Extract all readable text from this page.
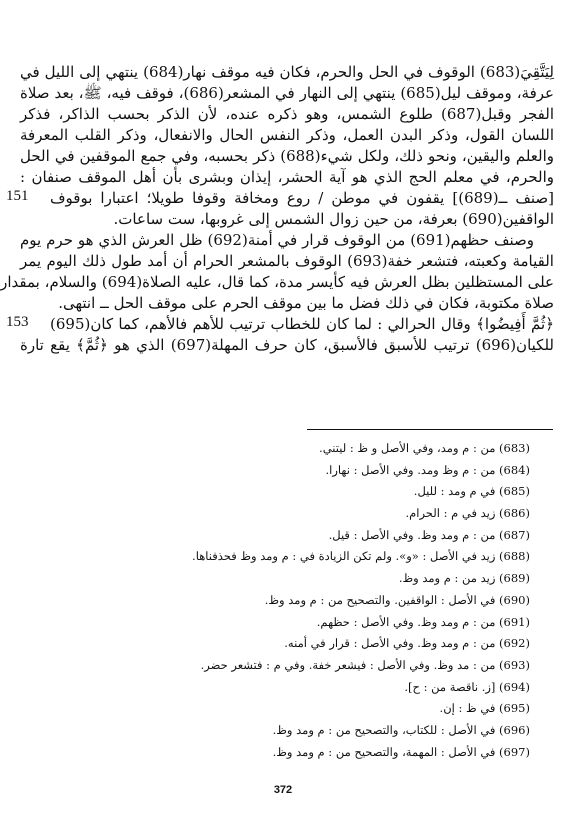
لِيَتَّقِيَ(683) الوقوف في الحل والحرم، فكان فيه موقف نهار(684) ينتهي إلى الليل في
عرفة، وموقف ليل(685) ينتهي إلى النهار في المشعر(686)، فوقف فيه، ﷺ، بعد صلاة
الفجر وقبل(687) طلوع الشمس، وهو ذكره عنده، لأن الذكر بحسب الذاكر، فذكر
اللسان القول، وذكر البدن العمل، وذكر النفس الحال والانفعال، وذكر القلب المعرفة
والعلم واليقين، ونحو ذلك، ولكل شيء(688) ذكر بحسبه، وفي جمع الموقفين في الحل
والحرم، في معلم الحج الذي هو آية الحشر، إيذان وبشرى بأن أهل الموقف صنفان :
151 [صنف ــ(689)] يقفون في موطن / روع ومخافة وقوفا طويلا؛ اعتبارا بوقوف
الواقفين(690) بعرفة، من حين زوال الشمس إلى غروبها، ست ساعات.
وصنف حظهم(691) من الوقوف قرار في أمنة(692) ظل العرش الذي هو حرم يوم
القيامة وكعبته، فتشعر خفة(693) الوقوف بالمشعر الحرام أن أمد طول ذلك اليوم يمر
على المستظلين بظل العرش فيه كأيسر مدة، كما قال، عليه الصلاة(694) والسلام، بمقدار
صلاة مكتوبة، فكان في ذلك فضل ما بين موقف الحرم على موقف الحل ــ انتهى.
153 ﴿ثُمَّ أَفِيضُوا﴾ وقال الحرالي : لما كان للخطاب ترتيب للأهم فالأهم، كما كان(695)
للكيان(696) ترتيب للأسبق فالأسبق، كان حرف المهلة(697) الذي هو ﴿ثُمَّ﴾ يقع تارة
(683) من : م ومد، وفي الأصل و ظ : ليتني.
(684) من : م وظ ومد. وفي الأصل : نهارا.
(685) في م ومد : لليل.
(686) زيد في م : الحرام.
(687) من : م ومد وظ. وفي الأصل : قيل.
(688) زيد في الأصل : «و». ولم تكن الزيادة في : م ومد وظ فحذفناها.
(689) زيد من : م ومد وظ.
(690) في الأصل : الواقفين. والتصحيح من : م ومد وظ.
(691) من : م ومد وظ. وفي الأصل : حظهم.
(692) من : م ومد وظ. وفي الأصل : قرار في أمنه.
(693) من : مد وظ. وفي الأصل : فيشعر خفة. وفي م : فتشعر حضر.
(694) [ز. ناقصة من : ح].
(695) في ظ : إن.
(696) في الأصل : للكتاب، والتصحيح من : م ومد وظ.
(697) في الأصل : المهمة، والتصحيح من : م ومد وظ.
372
